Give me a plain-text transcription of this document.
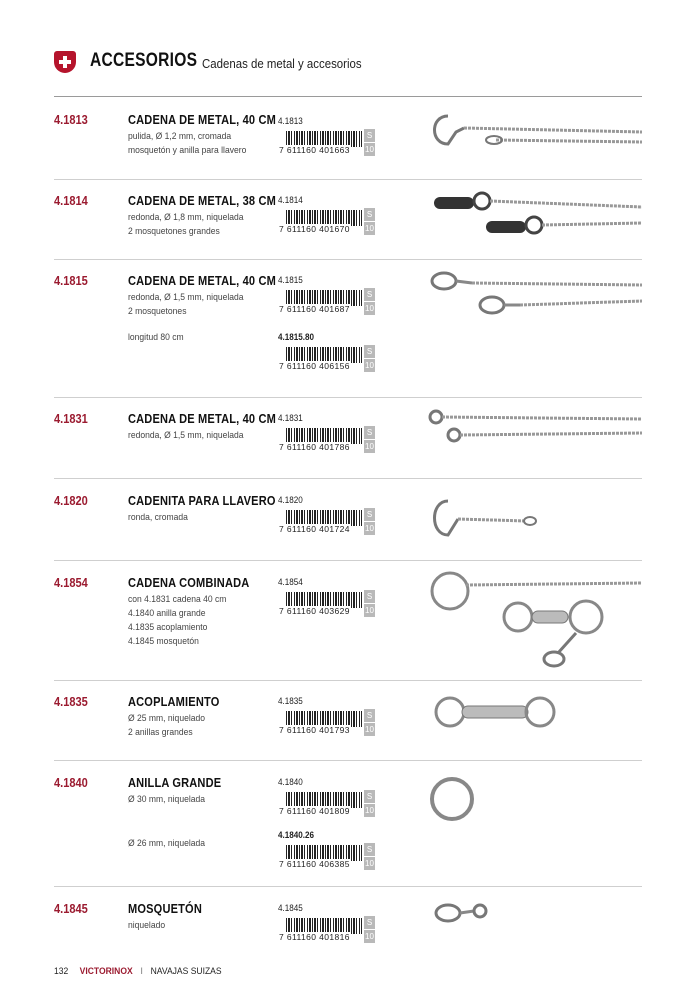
ACCESORIOS Cadenas de metal y accesorios
4.1813	CADENA DE METAL, 40 CM
pulida, Ø 1,2 mm, cromada
mosquetón y anilla para llavero
4.1813
7 611160 401663
S
10
4.1814	CADENA DE METAL, 38 CM
redonda, Ø 1,8 mm, niquelada
2 mosquetones grandes
4.1814
7 611160 401670
S
10
4.1815	CADENA DE METAL, 40 CM
redonda, Ø 1,5 mm, niquelada
2 mosquetones
longitud 80 cm
4.1815
7 611160 401687
S
10
4.1815.80
7 611160 406156
S
10
4.1831	CADENA DE METAL, 40 CM
redonda, Ø 1,5 mm, niquelada
4.1831
7 611160 401786
S
10
4.1820	CADENITA PARA LLAVERO
ronda, cromada
4.1820
7 611160 401724
S
10
4.1854	CADENA COMBINADA
con 4.1831 cadena 40 cm
4.1840 anilla grande
4.1835 acoplamiento
4.1845 mosquetón
4.1854
7 611160 403629
S
10
4.1835	ACOPLAMIENTO
Ø 25 mm, niquelado
2 anillas grandes
4.1835
7 611160 401793
S
10
4.1840	ANILLA GRANDE
Ø 30 mm, niquelada
Ø 26 mm, niquelada
4.1840
7 611160 401809
S
10
4.1840.26
7 611160 406385
S
10
4.1845	MOSQUETÓN
niquelado
4.1845
7 611160 401816
S
10
132 VICTORINOX I NAVAJAS SUIZAS
